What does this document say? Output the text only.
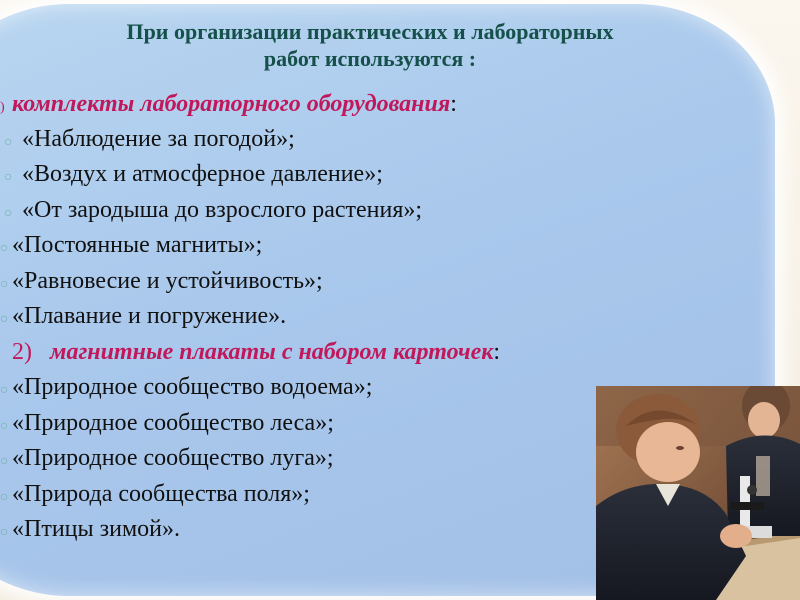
При организации практических и лабораторных
работ используются :
) комплекты лабораторного оборудования:
○ «Наблюдение за погодой»;
○ «Воздух и атмосферное давление»;
○ «От зародыша до взрослого растения»;
○ «Постоянные магниты»;
○ «Равновесие и устойчивость»;
○ «Плавание и погружение».
2) магнитные плакаты с набором карточек:
○ «Природное сообщество водоема»;
○ «Природное сообщество леса»;
○ «Природное сообщество луга»;
○ «Природа сообщества поля»;
○ «Птицы зимой».
